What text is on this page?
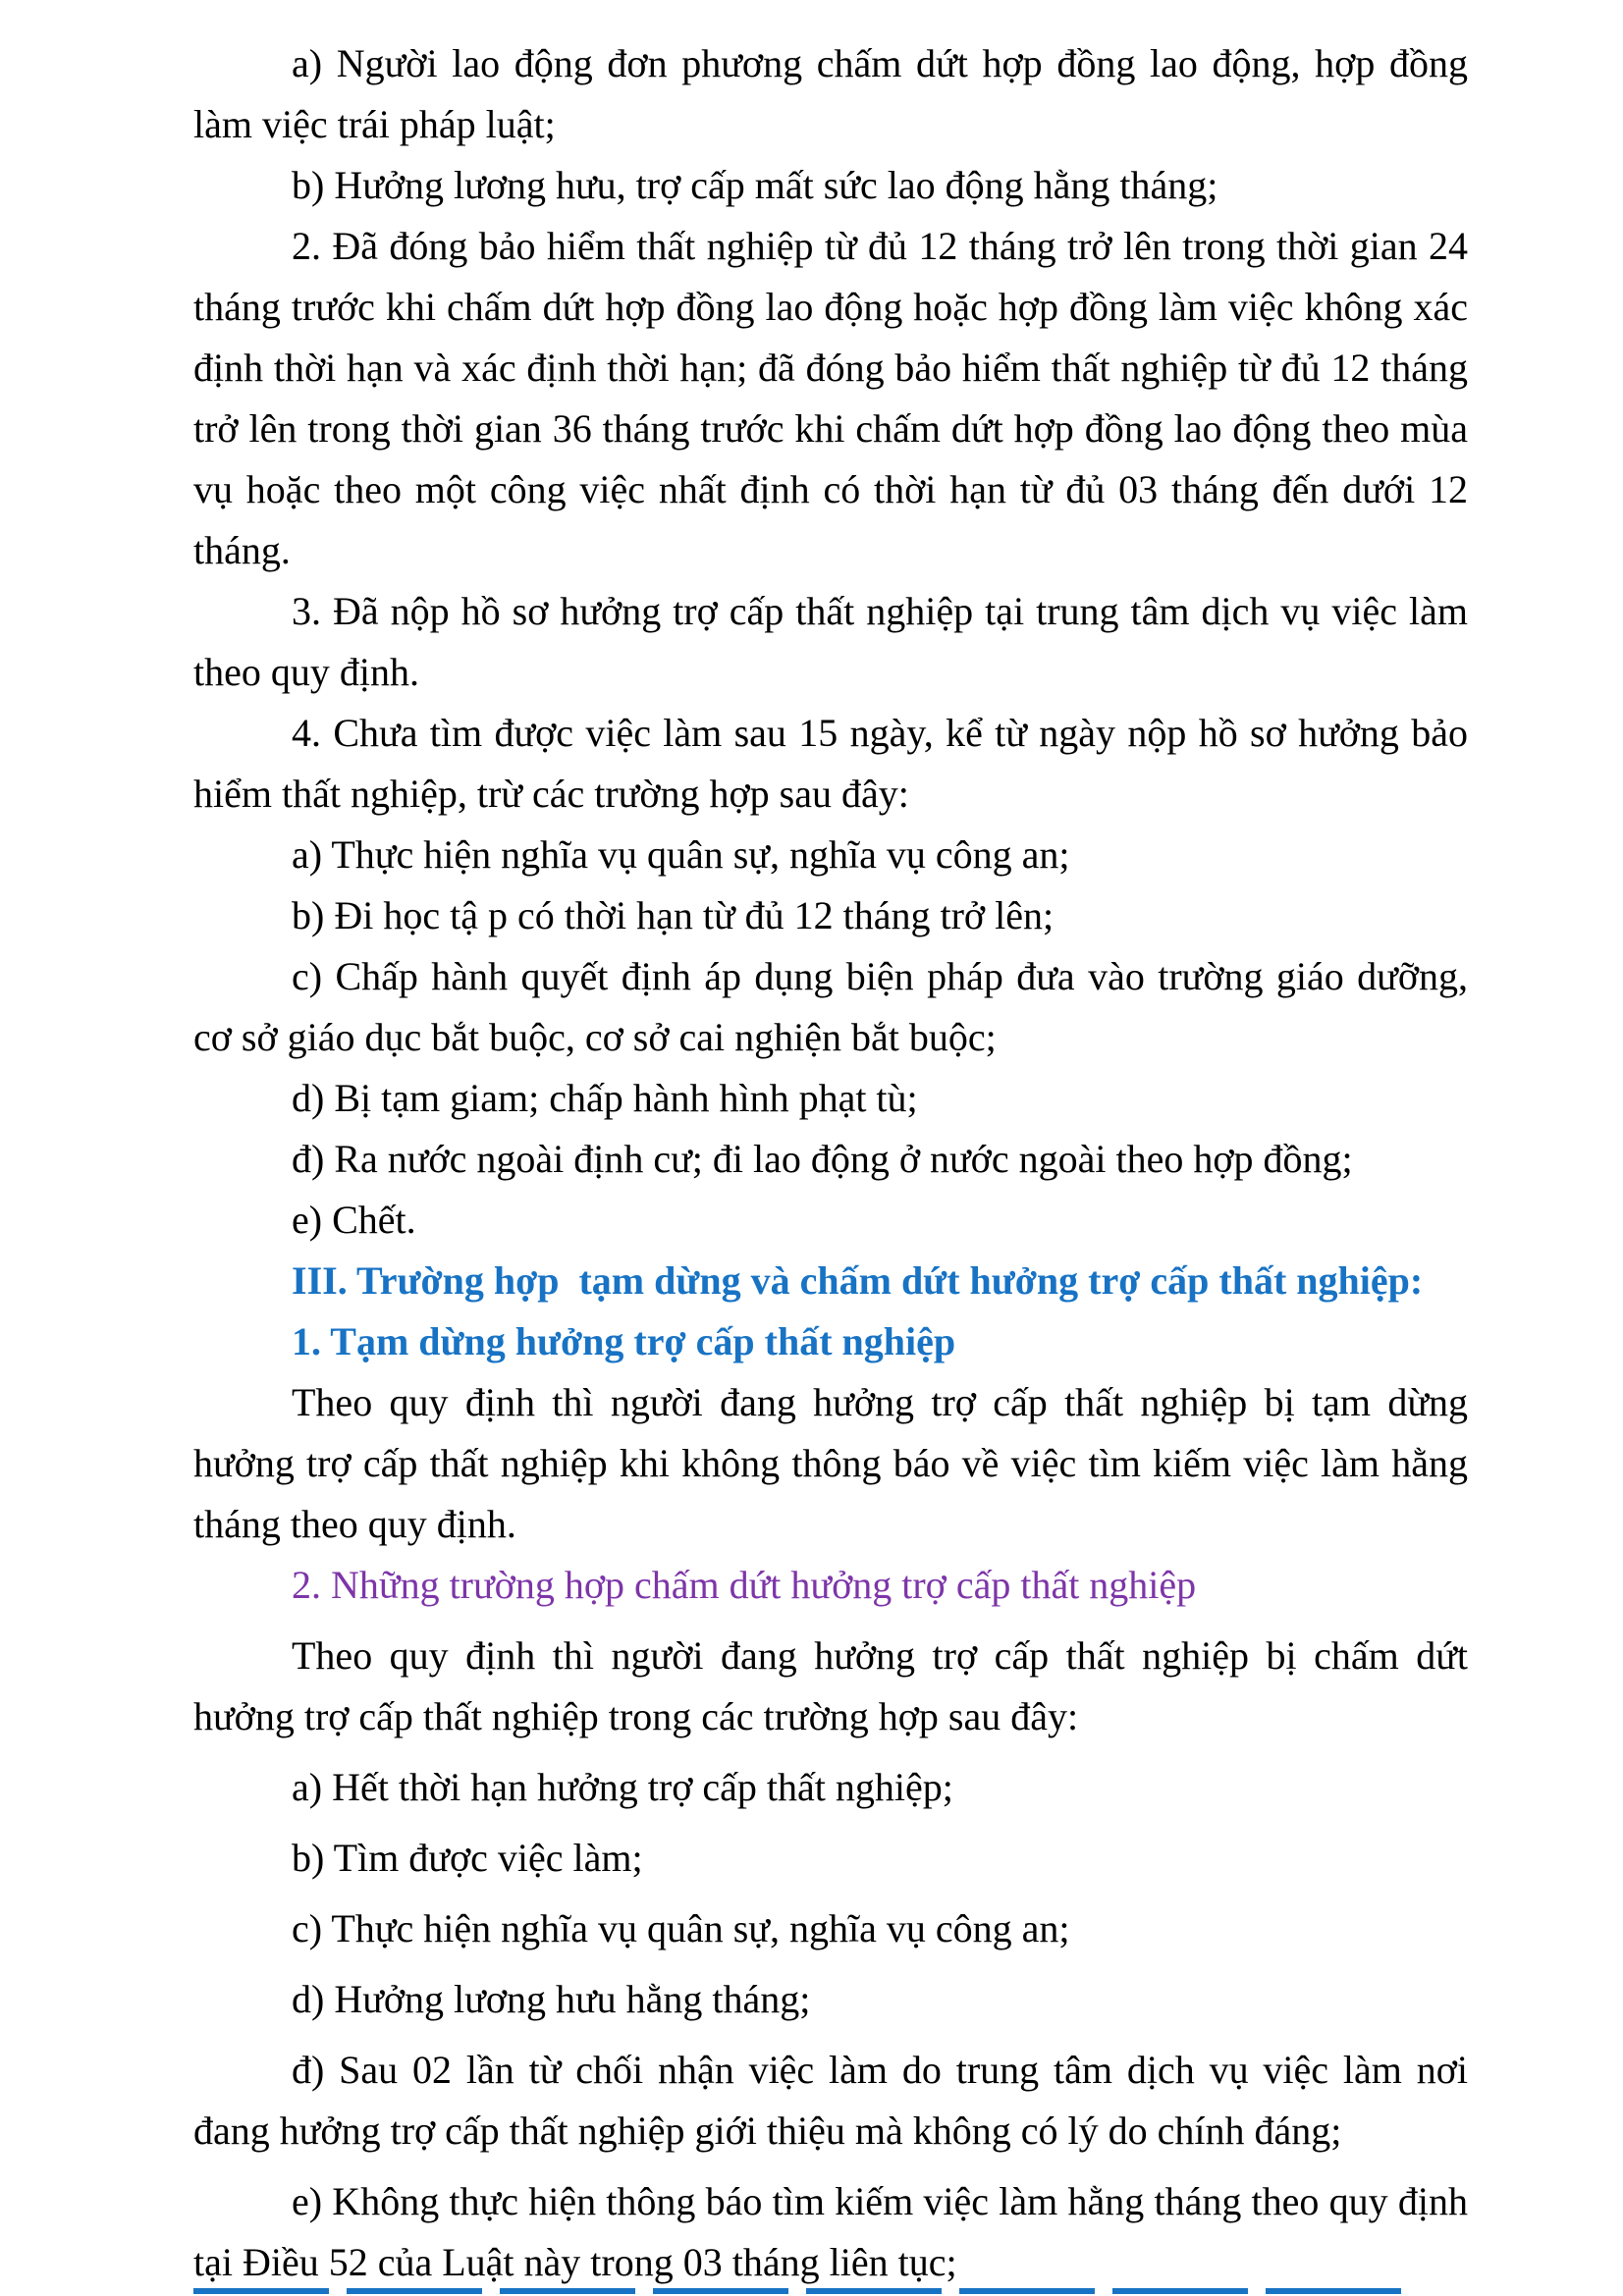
a) Người lao động đơn phương chấm dứt hợp đồng lao động, hợp đồng làm việc trái pháp luật;

b) Hưởng lương hưu, trợ cấp mất sức lao động hằng tháng;

2. Đã đóng bảo hiểm thất nghiệp từ đủ 12 tháng trở lên trong thời gian 24 tháng trước khi chấm dứt hợp đồng lao động hoặc hợp đồng làm việc không xác định thời hạn và xác định thời hạn; đã đóng bảo hiểm thất nghiệp từ đủ 12 tháng trở lên trong thời gian 36 tháng trước khi chấm dứt hợp đồng lao động theo mùa vụ hoặc theo một công việc nhất định có thời hạn từ đủ 03 tháng đến dưới 12 tháng.

3. Đã nộp hồ sơ hưởng trợ cấp thất nghiệp tại trung tâm dịch vụ việc làm theo quy định.

4. Chưa tìm được việc làm sau 15 ngày, kể từ ngày nộp hồ sơ hưởng bảo hiểm thất nghiệp, trừ các trường hợp sau đây:

a) Thực hiện nghĩa vụ quân sự, nghĩa vụ công an;

b) Đi học tậ p có thời hạn từ đủ 12 tháng trở lên;

c) Chấp hành quyết định áp dụng biện pháp đưa vào trường giáo dưỡng, cơ sở giáo dục bắt buộc, cơ sở cai nghiện bắt buộc;

d) Bị tạm giam; chấp hành hình phạt tù;

đ) Ra nước ngoài định cư; đi lao động ở nước ngoài theo hợp đồng;

e) Chết.

III. Trường hợp  tạm dừng và chấm dứt hưởng trợ cấp thất nghiệp:

1. Tạm dừng hưởng trợ cấp thất nghiệp

Theo quy định thì người đang hưởng trợ cấp thất nghiệp bị tạm dừng hưởng trợ cấp thất nghiệp khi không thông báo về việc tìm kiếm việc làm hằng tháng theo quy định.

2. Những trường hợp chấm dứt hưởng trợ cấp thất nghiệp

Theo quy định thì người đang hưởng trợ cấp thất nghiệp bị chấm dứt hưởng trợ cấp thất nghiệp trong các trường hợp sau đây:

a) Hết thời hạn hưởng trợ cấp thất nghiệp;

b) Tìm được việc làm;

c) Thực hiện nghĩa vụ quân sự, nghĩa vụ công an;

d) Hưởng lương hưu hằng tháng;

đ) Sau 02 lần từ chối nhận việc làm do trung tâm dịch vụ việc làm nơi đang hưởng trợ cấp thất nghiệp giới thiệu mà không có lý do chính đáng;

e) Không thực hiện thông báo tìm kiếm việc làm hằng tháng theo quy định tại Điều 52 của Luật này trong 03 tháng liên tục;
